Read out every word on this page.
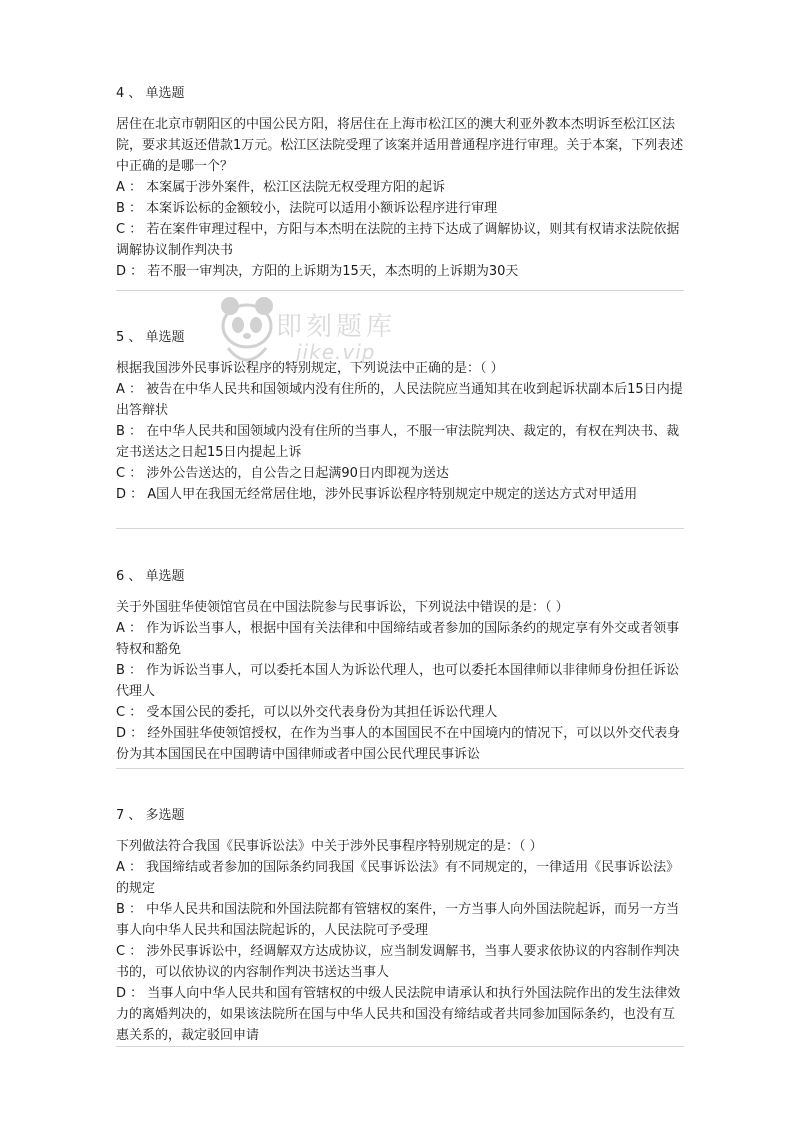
4 、 单选题

居住在北京市朝阳区的中国公民方阳，将居住在上海市松江区的澳大利亚外教本杰明诉至松江区法院，要求其返还借款1万元。松江区法院受理了该案并适用普通程序进行审理。关于本案，下列表述中正确的是哪一个？

A ： 本案属于涉外案件，松江区法院无权受理方阳的起诉

B ： 本案诉讼标的金额较小，法院可以适用小额诉讼程序进行审理

C ： 若在案件审理过程中，方阳与本杰明在法院的主持下达成了调解协议，则其有权请求法院依据调解协议制作判决书

D ： 若不服一审判决，方阳的上诉期为15天，本杰明的上诉期为30天

5 、 单选题

根据我国涉外民事诉讼程序的特别规定，下列说法中正确的是：（ ）

A ： 被告在中华人民共和国领域内没有住所的，人民法院应当通知其在收到起诉状副本后15日内提出答辩状

B ： 在中华人民共和国领域内没有住所的当事人，不服一审法院判决、裁定的，有权在判决书、裁定书送达之日起15日内提起上诉

C ： 涉外公告送达的，自公告之日起满90日内即视为送达

D ： A国人甲在我国无经常居住地，涉外民事诉讼程序特别规定中规定的送达方式对甲适用

6 、 单选题

关于外国驻华使领馆官员在中国法院参与民事诉讼，下列说法中错误的是：（ ）

A ： 作为诉讼当事人，根据中国有关法律和中国缔结或者参加的国际条约的规定享有外交或者领事特权和豁免

B ： 作为诉讼当事人，可以委托本国人为诉讼代理人，也可以委托本国律师以非律师身份担任诉讼代理人

C ： 受本国公民的委托，可以以外交代表身份为其担任诉讼代理人

D ： 经外国驻华使领馆授权，在作为当事人的本国国民不在中国境内的情况下，可以以外交代表身份为其本国国民在中国聘请中国律师或者中国公民代理民事诉讼

7 、 多选题

下列做法符合我国《民事诉讼法》中关于涉外民事程序特别规定的是：（ ）

A ： 我国缔结或者参加的国际条约同我国《民事诉讼法》有不同规定的，一律适用《民事诉讼法》的规定

B ： 中华人民共和国法院和外国法院都有管辖权的案件，一方当事人向外国法院起诉，而另一方当事人向中华人民共和国法院起诉的，人民法院可予受理

C ： 涉外民事诉讼中，经调解双方达成协议，应当制发调解书，当事人要求依协议的内容制作判决书的，可以依协议的内容制作判决书送达当事人

D ： 当事人向中华人民共和国有管辖权的中级人民法院申请承认和执行外国法院作出的发生法律效力的离婚判决的，如果该法院所在国与中华人民共和国没有缔结或者共同参加国际条约，也没有互惠关系的，裁定驳回申请

即刻题库
jike.vip
